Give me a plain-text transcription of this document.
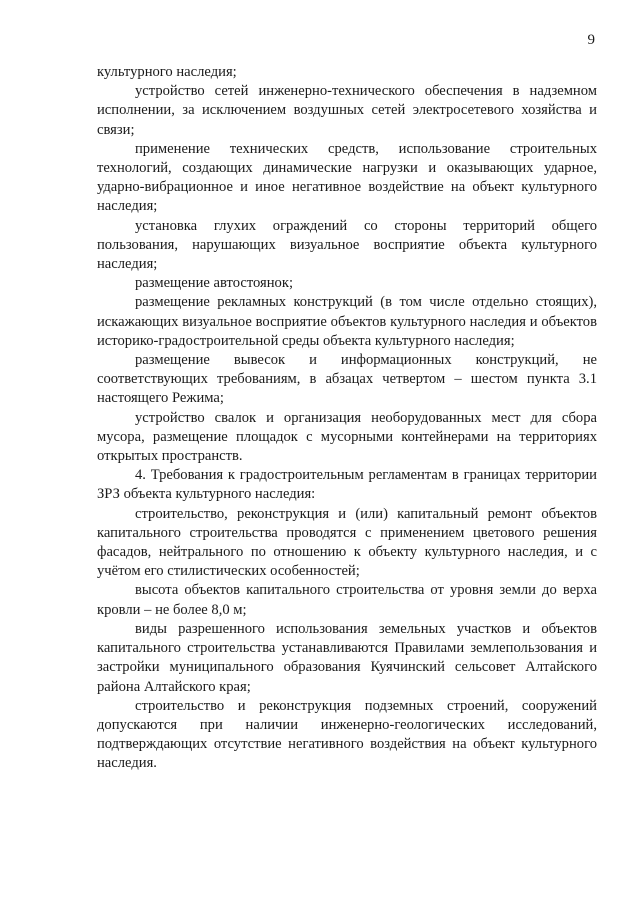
9

культурного наследия;

устройство сетей инженерно-технического обеспечения в надземном исполнении, за исключением воздушных сетей электросетевого хозяйства и связи;

применение технических средств, использование строительных технологий, создающих динамические нагрузки и оказывающих ударное, ударно-вибрационное и иное негативное воздействие на объект культурного наследия;

установка глухих ограждений со стороны территорий общего пользования, нарушающих визуальное восприятие объекта культурного наследия;

размещение автостоянок;

размещение рекламных конструкций (в том числе отдельно стоящих), искажающих визуальное восприятие объектов культурного наследия и объектов историко-градостроительной среды объекта культурного наследия;

размещение вывесок и информационных конструкций, не соответствующих требованиям, в абзацах четвертом – шестом пункта 3.1 настоящего Режима;

устройство свалок и организация необорудованных мест для сбора мусора, размещение площадок с мусорными контейнерами на территориях открытых пространств.

4. Требования к градостроительным регламентам в границах территории ЗРЗ объекта культурного наследия:

строительство, реконструкция и (или) капитальный ремонт объектов капитального строительства проводятся с применением цветового решения фасадов, нейтрального по отношению к объекту культурного наследия, и с учётом его стилистических особенностей;

высота объектов капитального строительства от уровня земли до верха кровли – не более 8,0 м;

виды разрешенного использования земельных участков и объектов капитального строительства устанавливаются Правилами землепользования и застройки муниципального образования Куячинский сельсовет Алтайского района Алтайского края;

строительство и реконструкция подземных строений, сооружений допускаются при наличии инженерно-геологических исследований, подтверждающих отсутствие негативного воздействия на объект культурного наследия.
